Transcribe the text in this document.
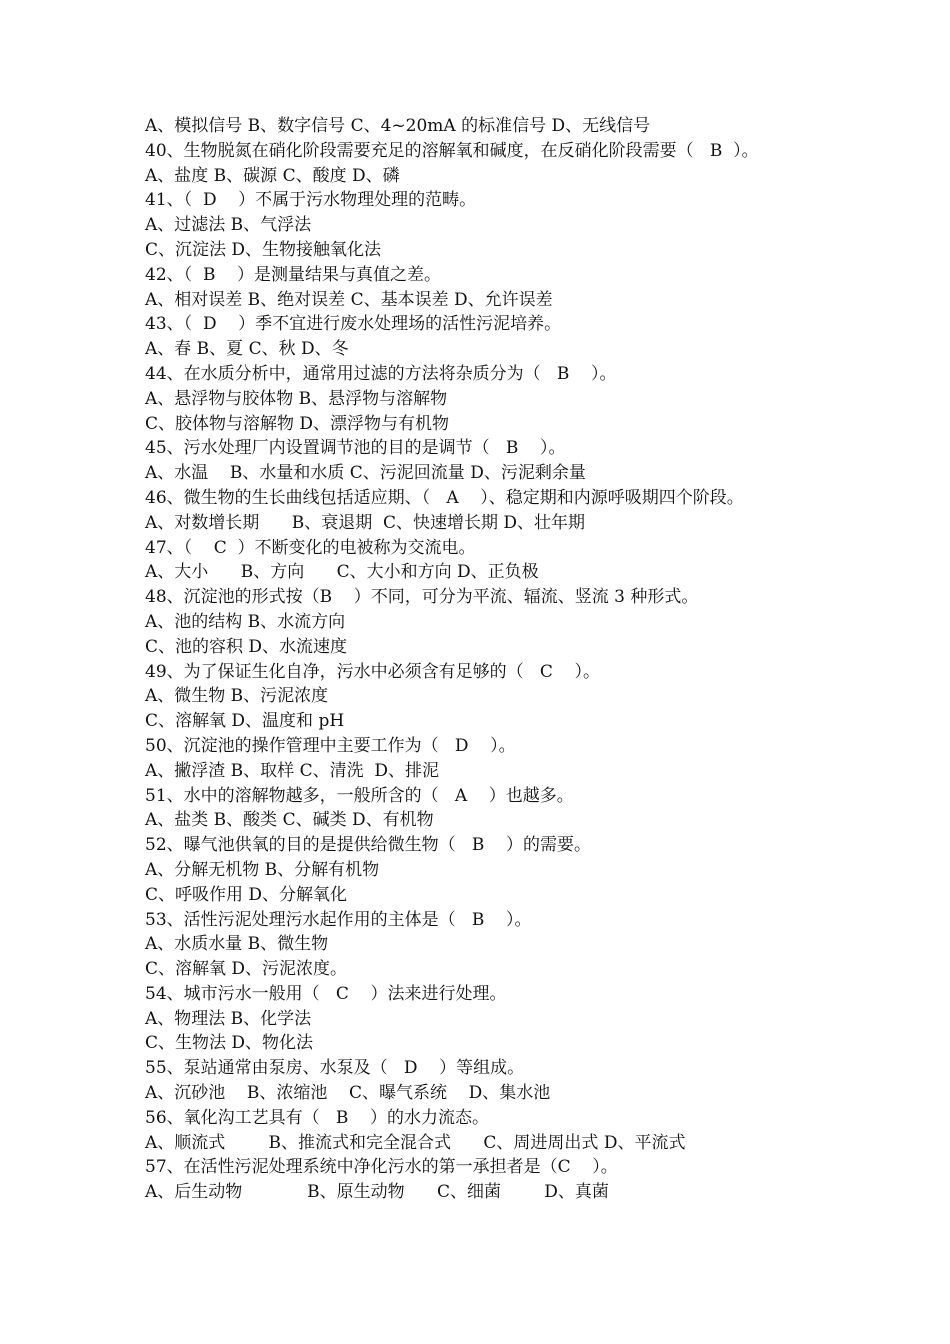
A、模拟信号 B、数字信号 C、4~20mA 的标准信号 D、无线信号
40、生物脱氮在硝化阶段需要充足的溶解氧和碱度，在反硝化阶段需要（   B  ）。
A、盐度 B、碳源 C、酸度 D、磷
41、（  D    ）不属于污水物理处理的范畴。
A、过滤法 B、气浮法
C、沉淀法 D、生物接触氧化法
42、（  B    ）是测量结果与真值之差。
A、相对误差 B、绝对误差 C、基本误差 D、允许误差
43、（  D    ）季不宜进行废水处理场的活性污泥培养。
A、春 B、夏 C、秋 D、冬
44、在水质分析中，通常用过滤的方法将杂质分为（   B    ）。
A、悬浮物与胶体物 B、悬浮物与溶解物
C、胶体物与溶解物 D、漂浮物与有机物
45、污水处理厂内设置调节池的目的是调节（   B    ）。
A、水温    B、水量和水质 C、污泥回流量 D、污泥剩余量
46、微生物的生长曲线包括适应期、（   A    ）、稳定期和内源呼吸期四个阶段。
A、对数增长期      B、衰退期  C、快速增长期 D、壮年期
47、（    C  ）不断变化的电被称为交流电。
A、大小      B、方向      C、大小和方向 D、正负极
48、沉淀池的形式按（B    ）不同，可分为平流、辐流、竖流 3 种形式。
A、池的结构 B、水流方向
C、池的容积 D、水流速度
49、为了保证生化自净，污水中必须含有足够的（   C    ）。
A、微生物 B、污泥浓度
C、溶解氧 D、温度和 pH
50、沉淀池的操作管理中主要工作为（   D    ）。
A、撇浮渣 B、取样 C、清洗  D、排泥
51、水中的溶解物越多，一般所含的（   A    ）也越多。
A、盐类 B、酸类 C、碱类 D、有机物
52、曝气池供氧的目的是提供给微生物（   B    ）的需要。
A、分解无机物 B、分解有机物
C、呼吸作用 D、分解氧化
53、活性污泥处理污水起作用的主体是（   B    ）。
A、水质水量 B、微生物
C、溶解氧 D、污泥浓度。
54、城市污水一般用（   C    ）法来进行处理。
A、物理法 B、化学法
C、生物法 D、物化法
55、泵站通常由泵房、水泵及（   D    ）等组成。
A、沉砂池    B、浓缩池    C、曝气系统    D、集水池
56、氧化沟工艺具有（   B    ）的水力流态。
A、顺流式        B、推流式和完全混合式      C、周进周出式 D、平流式
57、在活性污泥处理系统中净化污水的第一承担者是（C    ）。
A、后生动物            B、原生动物      C、细菌        D、真菌
